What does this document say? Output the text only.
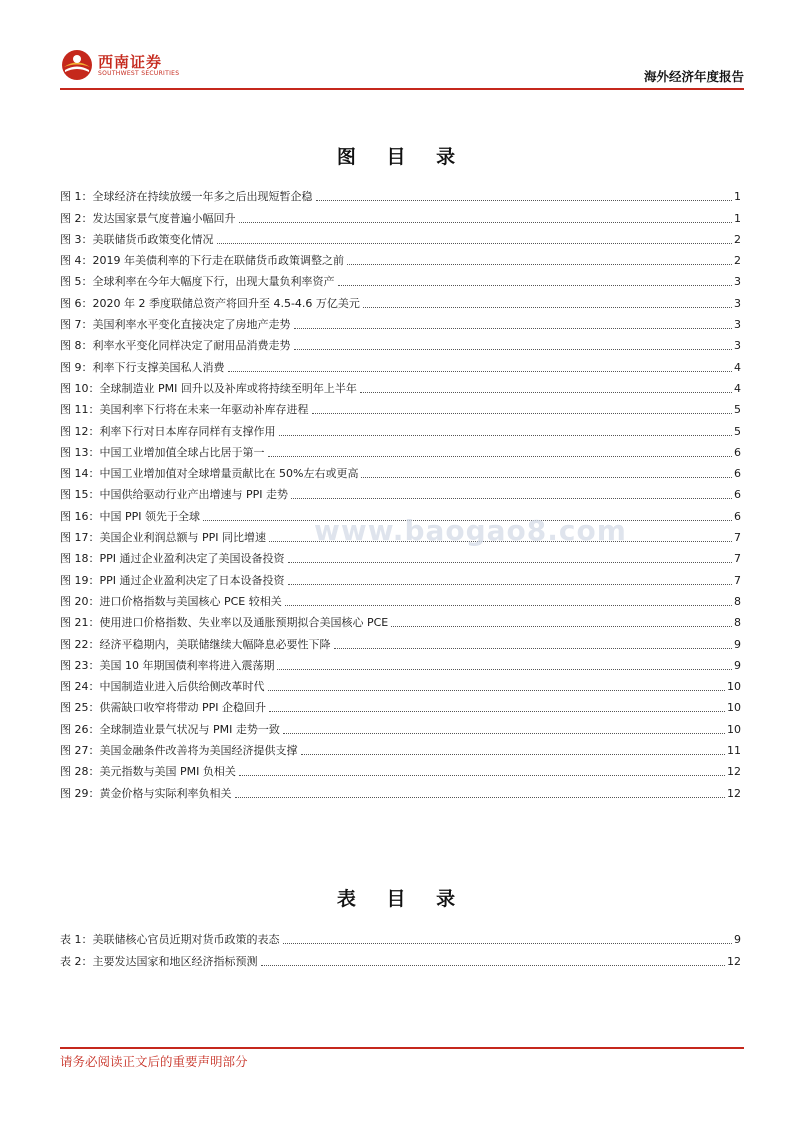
西南证券
SOUTHWEST SECURITIES	海外经济年度报告
图 目 录
图 1：全球经济在持续放缓一年多之后出现短暂企稳	1
图 2：发达国家景气度普遍小幅回升	1
图 3：美联储货币政策变化情况	2
图 4：2019 年美债利率的下行走在联储货币政策调整之前	2
图 5：全球利率在今年大幅度下行，出现大量负利率资产	3
图 6：2020 年 2 季度联储总资产将回升至 4.5-4.6 万亿美元	3
图 7：美国利率水平变化直接决定了房地产走势	3
图 8：利率水平变化同样决定了耐用品消费走势	3
图 9：利率下行支撑美国私人消费	4
图 10：全球制造业 PMI 回升以及补库或将持续至明年上半年	4
图 11：美国利率下行将在未来一年驱动补库存进程	5
图 12：利率下行对日本库存同样有支撑作用	5
图 13：中国工业增加值全球占比居于第一	6
图 14：中国工业增加值对全球增量贡献比在 50%左右或更高	6
图 15：中国供给驱动行业产出增速与 PPI 走势	6
图 16：中国 PPI 领先于全球	6
图 17：美国企业利润总额与 PPI 同比增速	7
图 18：PPI 通过企业盈利决定了美国设备投资	7
图 19：PPI 通过企业盈利决定了日本设备投资	7
图 20：进口价格指数与美国核心 PCE 较相关	8
图 21：使用进口价格指数、失业率以及通胀预期拟合美国核心 PCE	8
图 22：经济平稳期内，美联储继续大幅降息必要性下降	9
图 23：美国 10 年期国债利率将进入震荡期	9
图 24：中国制造业进入后供给侧改革时代	10
图 25：供需缺口收窄将带动 PPI 企稳回升	10
图 26：全球制造业景气状况与 PMI 走势一致	10
图 27：美国金融条件改善将为美国经济提供支撑	11
图 28：美元指数与美国 PMI 负相关	12
图 29：黄金价格与实际利率负相关	12
www.baogao8.com
表 目 录
表 1：美联储核心官员近期对货币政策的表态	9
表 2：主要发达国家和地区经济指标预测	12
请务必阅读正文后的重要声明部分
